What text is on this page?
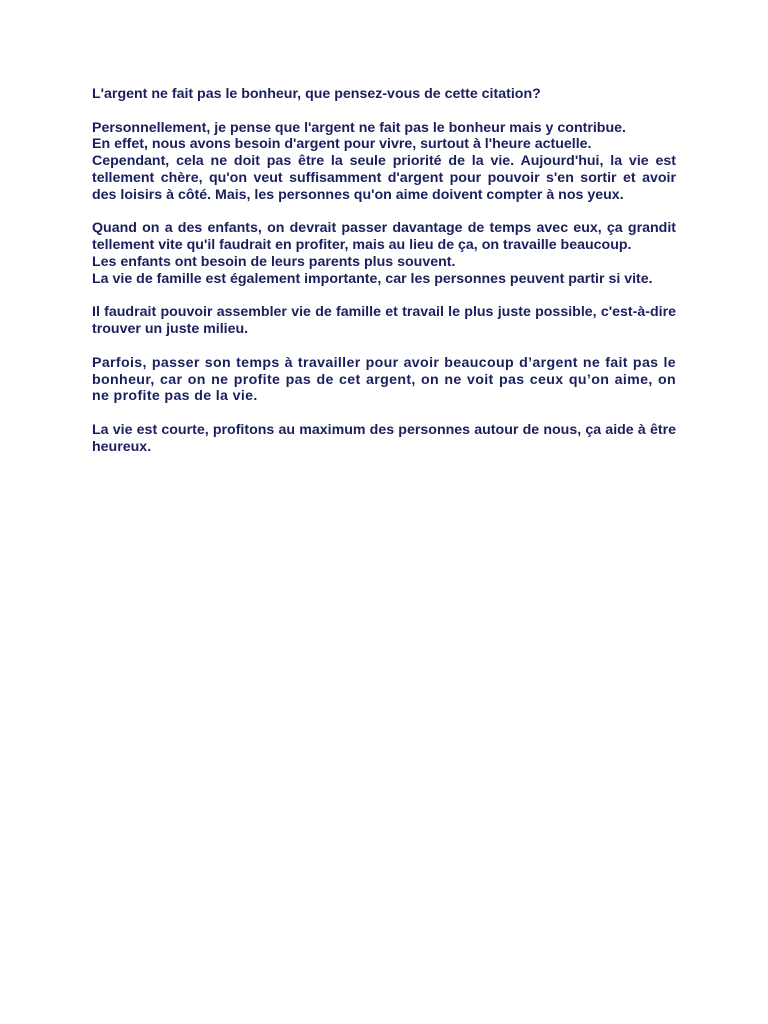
L'argent ne fait pas le bonheur, que pensez-vous de cette citation?

Personnellement, je pense que l'argent ne fait pas le bonheur mais y contribue.
En effet, nous avons besoin d'argent pour vivre, surtout à l'heure actuelle.
Cependant, cela ne doit pas être la seule priorité de la vie. Aujourd'hui, la vie est tellement chère, qu'on veut suffisamment d'argent pour pouvoir s'en sortir et avoir des loisirs à côté. Mais, les personnes qu'on aime doivent compter à nos yeux.

Quand on a des enfants, on devrait passer davantage de temps avec eux, ça grandit tellement vite qu'il faudrait en profiter, mais au lieu de ça, on travaille beaucoup.
Les enfants ont besoin de leurs parents plus souvent.
La vie de famille est également importante, car les personnes peuvent partir si vite.

Il faudrait pouvoir assembler vie de famille et travail le plus juste possible, c'est-à-dire trouver un juste milieu.

Parfois, passer son temps à travailler pour avoir beaucoup d’argent ne fait pas le bonheur, car on ne profite pas de cet argent, on ne voit pas ceux qu’on aime, on ne profite pas de la vie.

La vie est courte, profitons au maximum des personnes autour de nous, ça aide à être heureux.
